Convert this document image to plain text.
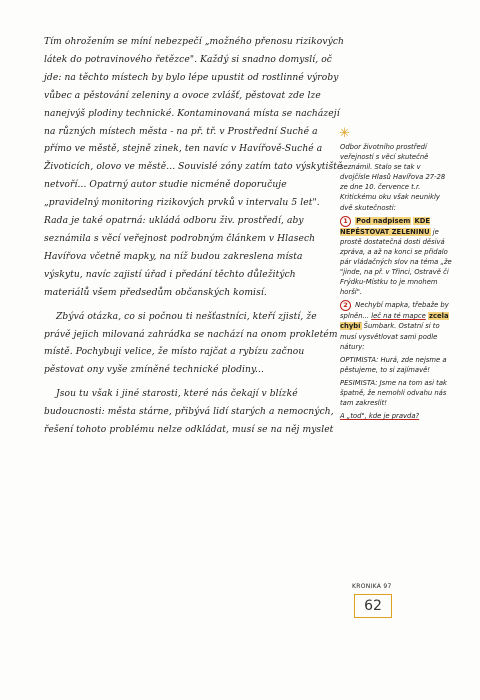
Tím ohrožením se míní nebezpečí „možného přenosu rizikových látek do potravinového řetězce". Každý si snadno domyslí, oč jde: na těchto místech by bylo lépe upustit od rostlinné výroby vůbec a pěstování zeleniny a ovoce zvlášť, pěstovat zde lze nanejvýš plodiny technické. Kontaminovaná místa se nacházejí na různých místech města - na př. tř. v Prostřední Suché a přímo ve městě, stejně zinek, ten navíc v Havířově-Suché a Životicích, olovo ve městě... Souvislé zóny zatím tato výskytiště netvoří... Opatrný autor studie nicméně doporučuje „pravidelný monitoring rizikových prvků v intervalu 5 let". Rada je také opatrná: ukládá odboru živ. prostředí, aby seznámila s věcí veřejnost podrobným článkem v Hlasech Havířova včetně mapky, na níž budou zakreslena místa výskytu, navíc zajistí úřad i předání těchto důležitých materiálů všem předsedům občanských komisí.

Zbývá otázka, co si počnou ti nešťastníci, kteří zjistí, že právě jejich milovaná zahrádka se nachází na onom prokletém místě. Pochybuji velice, že místo rajčat a rybízu začnou pěstovat ony vyše zmíněné technické plodiny...

Jsou tu však i jiné starosti, které nás čekají v blízké budoucnosti: města stárne, přibývá lidí starých a nemocných, řešení tohoto problému nelze odkládat, musí se na něj myslet

✳

Odbor životního prostředí veřejnosti s věcí skutečně seznámil. Stalo se tak v dvojčísle Hlasů Havířova 27-28 ze dne 10. července t.r. Kritickému oku však neunikly dvě skutečnosti:

1 Pod nadpisem KDE NEPĚSTOVAT ZELENINU je prostě dostatečná dosti děsivá zpráva, a až na konci se přidalo pár vládačných slov na téma „že "jinde, na př. v Třinci, Ostravě či Frýdku-Místku to je mnohem horší".

2 Nechybí mapka, třebaže by splněn... leč na té mapce zcela chybí Šumbark. Ostatní si to musí vysvětlovat sami podle nátury:

OPTIMISTA: Hurá, zde nejsme a pěstujeme, to si zajímavě!

PESIMISTA: Jsme na tom asi tak špatně, že nemohli odvahu nás tam zakreslit!

A „tod", kde je pravda?

KRONIKA 97
62
